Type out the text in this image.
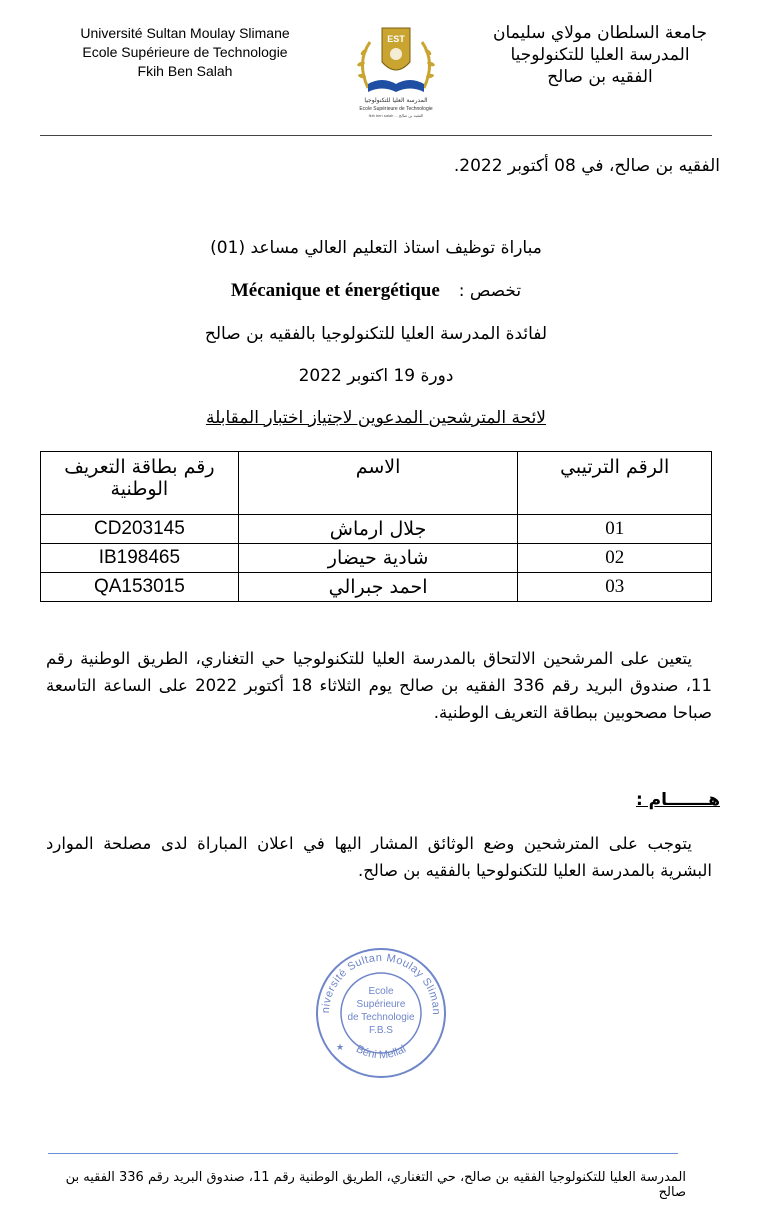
Université Sultan Moulay Slimane
Ecole Supérieure de Technologie
Fkih Ben Salah
EST
المدرسة العليا للتكنولوجيا
Ecole Supérieure de Technologie
fkih ben salah ... الفقيه بن صالح
جامعة السلطان مولاي سليمان
المدرسة العليا للتكنولوجيا
الفقيه بن صالح
الفقيه بن صالح، في 08 أكتوبر 2022.
مباراة توظيف استاذ التعليم العالي مساعد (01)
تخصص :    Mécanique et énergétique
لفائدة المدرسة العليا للتكنولوجيا بالفقيه بن صالح
دورة 19 اكتوبر 2022
لائحة المترشحين المدعوين لاجتياز اختبار المقابلة
الرقم الترتيبي	الاسم	رقم بطاقة التعريف الوطنية
01	جلال ارماش	CD203145
02	شادية حيضار	IB198465
03	احمد جبرالي	QA153015
يتعين على المرشحين الالتحاق بالمدرسة العليا للتكنولوجيا حي التغناري، الطريق الوطنية رقم 11، صندوق البريد رقم 336 الفقيه بن صالح يوم الثلاثاء 18 أكتوبر 2022 على الساعة التاسعة صباحا مصحوبين ببطاقة التعريف الوطنية.
هـــــــام :
يتوجب على المترشحين وضع الوثائق المشار اليها في اعلان المباراة لدى مصلحة الموارد البشرية بالمدرسة العليا للتكنولوحيا بالفقيه بن صالح.
niversité Sultan Moulay Sliman
Béni Mellal
Ecole
Supérieure
de Technologie
F.B.S
★
المدرسة العليا للتكنولوجيا الفقيه بن صالح، حي التغناري، الطريق الوطنية رقم 11، صندوق البريد رقم 336 الفقيه بن صالح
